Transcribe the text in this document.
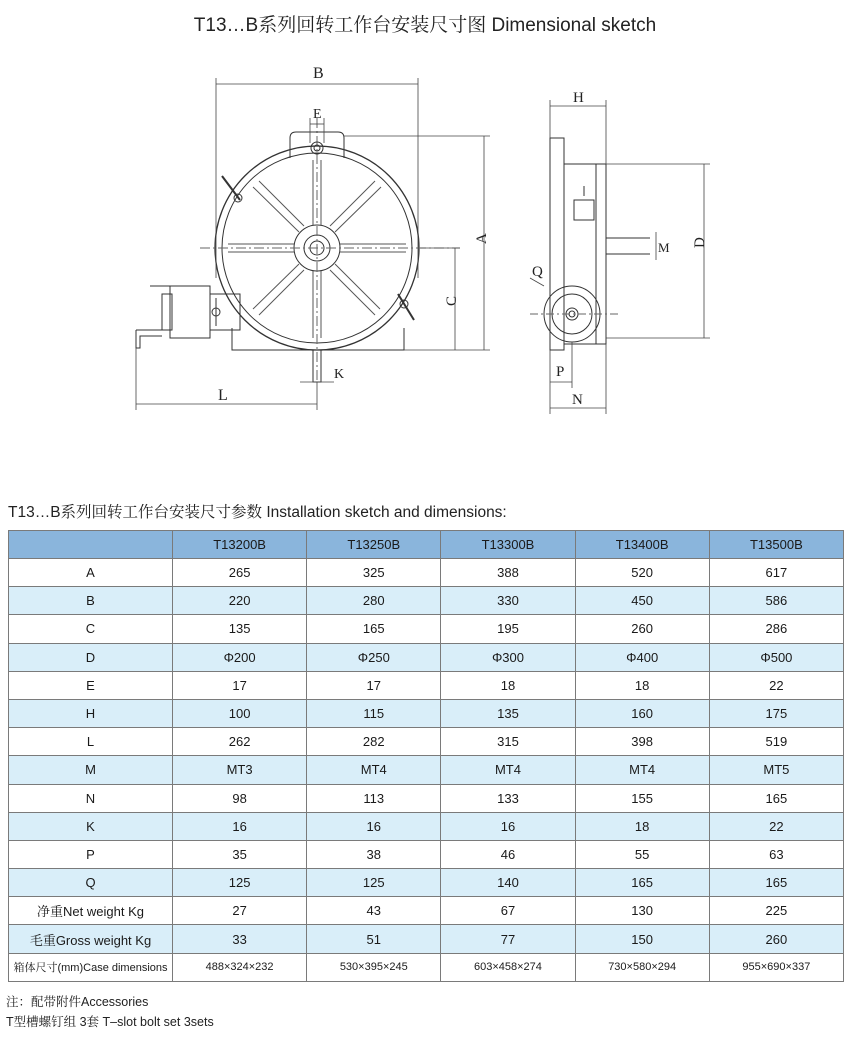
T13…B系列回转工作台安装尺寸图 Dimensional sketch
B
E
A
C
K
L
H
D
M
Q
P
N
T13…B系列回转工作台安装尺寸参数 Installation sketch and dimensions:
	T13200B	T13250B	T13300B	T13400B	T13500B
A	265	325	388	520	617
B	220	280	330	450	586
C	135	165	195	260	286
D	Φ200	Φ250	Φ300	Φ400	Φ500
E	17	17	18	18	22
H	100	115	135	160	175
L	262	282	315	398	519
M	MT3	MT4	MT4	MT4	MT5
N	98	113	133	155	165
K	16	16	16	18	22
P	35	38	46	55	63
Q	125	125	140	165	165
净重Net weight Kg	27	43	67	130	225
毛重Gross weight Kg	33	51	77	150	260
箱体尺寸(mm)Case dimensions	488×324×232	530×395×245	603×458×274	730×580×294	955×690×337
注：配带附件Accessories
T型槽螺钉组 3套 T–slot bolt set 3sets
